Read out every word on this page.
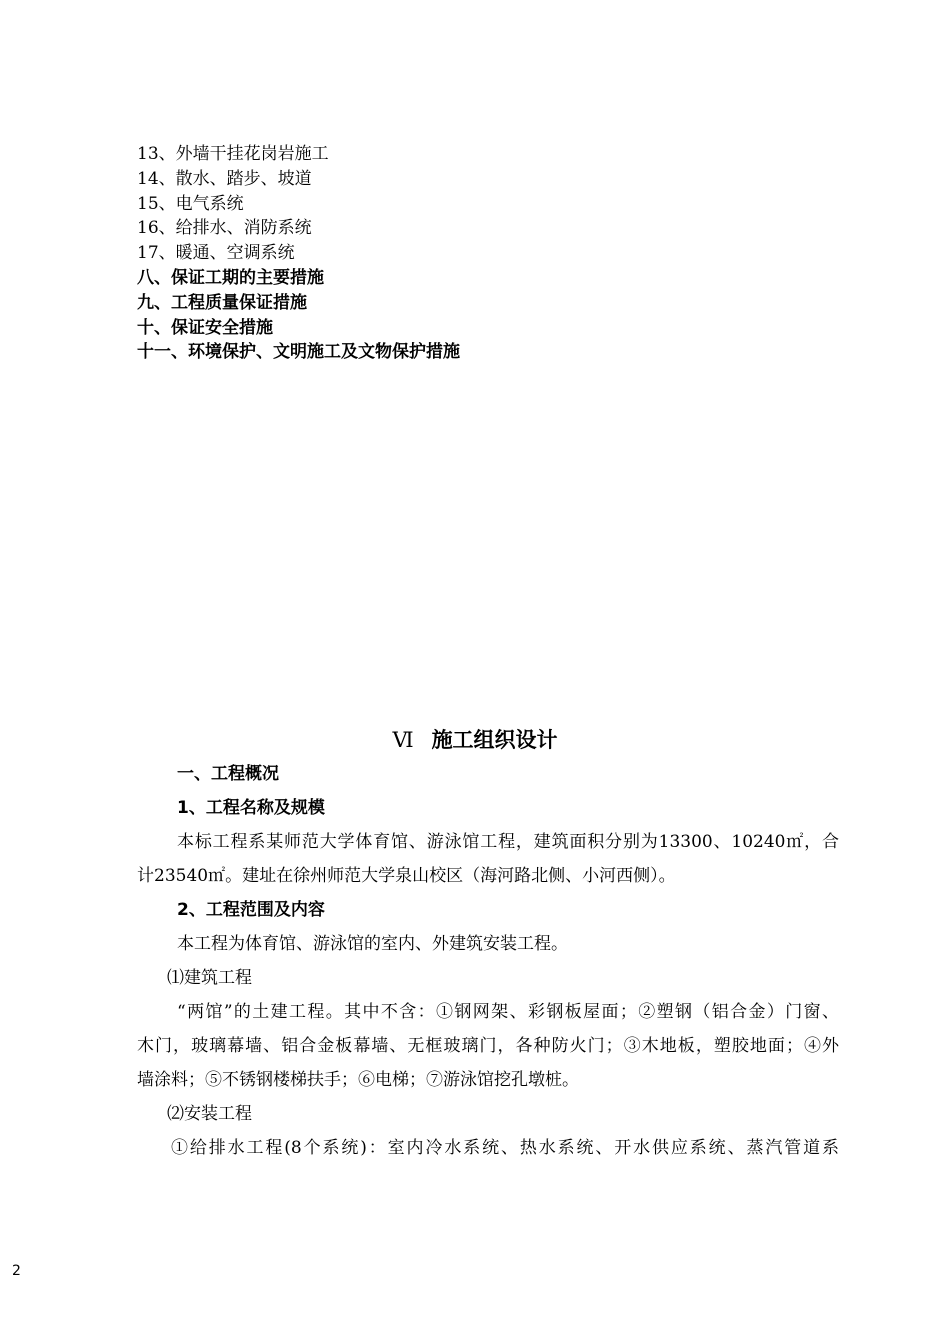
13、外墙干挂花岗岩施工
14、散水、踏步、坡道
15、电气系统
16、给排水、消防系统
17、暖通、空调系统
八、保证工期的主要措施
九、工程质量保证措施
十、保证安全措施
十一、环境保护、文明施工及文物保护措施
Ⅵ 施工组织设计
一、工程概况
1、工程名称及规模
本标工程系某师范大学体育馆、游泳馆工程，建筑面积分别为13300、10240㎡，合
计23540㎡。建址在徐州师范大学泉山校区（海河路北侧、小河西侧）。
2、工程范围及内容
本工程为体育馆、游泳馆的室内、外建筑安装工程。
⑴建筑工程
“两馆”的土建工程。其中不含：①钢网架、彩钢板屋面；②塑钢（铝合金）门窗、
木门，玻璃幕墙、铝合金板幕墙、无框玻璃门，各种防火门；③木地板，塑胶地面；④外
墙涂料；⑤不锈钢楼梯扶手；⑥电梯；⑦游泳馆挖孔墩桩。
⑵安装工程
①给排水工程(8个系统)：室内冷水系统、热水系统、开水供应系统、蒸汽管道系
2
